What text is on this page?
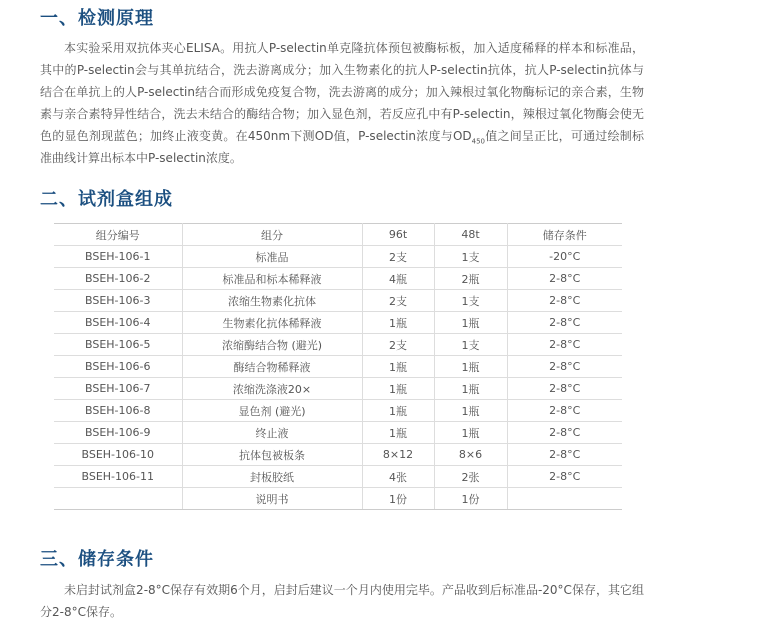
一、检测原理

本实验采用双抗体夹心ELISA。用抗人P-selectin单克隆抗体预包被酶标板，加入适度稀释的样本和标准品，其中的P-selectin会与其单抗结合，洗去游离成分；加入生物素化的抗人P-selectin抗体，抗人P-selectin抗体与结合在单抗上的人P-selectin结合而形成免疫复合物，洗去游离的成分；加入辣根过氧化物酶标记的亲合素，生物素与亲合素特异性结合，洗去未结合的酶结合物；加入显色剂，若反应孔中有P-selectin，辣根过氧化物酶会使无色的显色剂现蓝色；加终止液变黄。在450nm下测OD值，P-selectin浓度与$OD_{450}$值之间呈正比，可通过绘制标准曲线计算出标本中P-selectin浓度。

二、试剂盒组成
组分编号	组分	96t	48t	储存条件
BSEH-106-1	标准品	2支	1支	-20°C
BSEH-106-2	标准品和标本稀释液	4瓶	2瓶	2-8°C
BSEH-106-3	浓缩生物素化抗体	2支	1支	2-8°C
BSEH-106-4	生物素化抗体稀释液	1瓶	1瓶	2-8°C
BSEH-106-5	浓缩酶结合物 (避光)	2支	1支	2-8°C
BSEH-106-6	酶结合物稀释液	1瓶	1瓶	2-8°C
BSEH-106-7	浓缩洗涤液20×	1瓶	1瓶	2-8°C
BSEH-106-8	显色剂 (避光)	1瓶	1瓶	2-8°C
BSEH-106-9	终止液	1瓶	1瓶	2-8°C
BSEH-106-10	抗体包被板条	8×12	8×6	2-8°C
BSEH-106-11	封板胶纸	4张	2张	2-8°C
	说明书	1份	1份	
三、储存条件

未启封试剂盒2-8°C保存有效期6个月，启封后建议一个月内使用完毕。产品收到后标准品-20°C保存，其它组分2-8°C保存。
